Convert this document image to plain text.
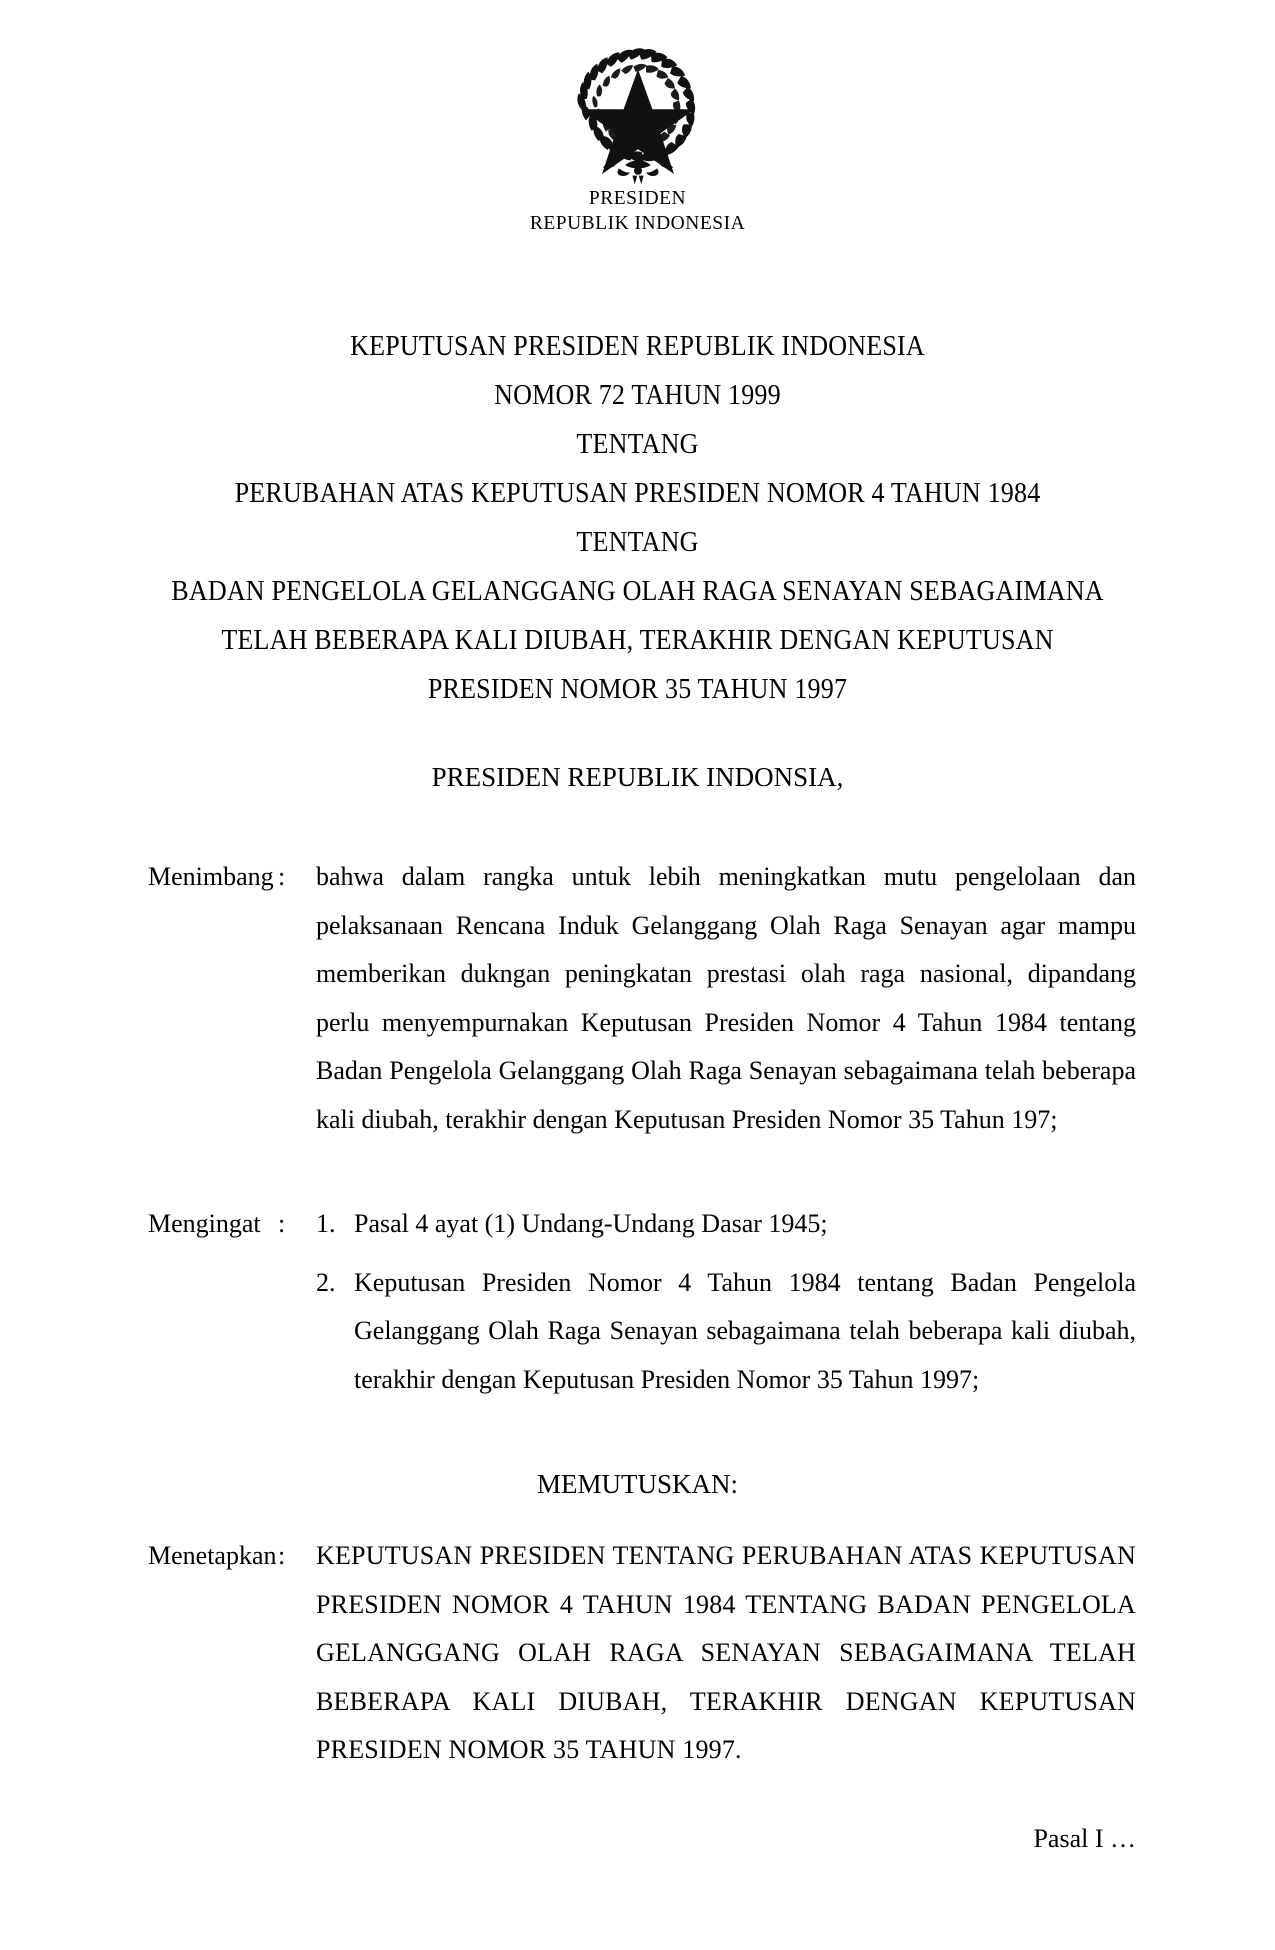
PRESIDEN
REPUBLIK INDONESIA
KEPUTUSAN PRESIDEN REPUBLIK INDONESIA
NOMOR 72 TAHUN 1999
TENTANG
PERUBAHAN ATAS KEPUTUSAN PRESIDEN NOMOR 4 TAHUN 1984
TENTANG
BADAN PENGELOLA GELANGGANG OLAH RAGA SENAYAN SEBAGAIMANA
TELAH BEBERAPA KALI DIUBAH, TERAKHIR DENGAN KEPUTUSAN
PRESIDEN NOMOR 35 TAHUN 1997
PRESIDEN REPUBLIK INDONSIA,
Menimbang :	bahwa dalam rangka untuk lebih meningkatkan mutu pengelolaan dan pelaksanaan Rencana Induk Gelanggang Olah Raga Senayan agar mampu memberikan dukngan peningkatan prestasi olah raga nasional, dipandang perlu menyempurnakan Keputusan Presiden Nomor 4 Tahun 1984 tentang Badan Pengelola Gelanggang Olah Raga Senayan sebagaimana telah beberapa kali diubah, terakhir dengan Keputusan Presiden Nomor 35 Tahun 197;
Mengingat :	1. Pasal 4 ayat (1) Undang-Undang Dasar 1945;
2. Keputusan Presiden Nomor 4 Tahun 1984 tentang Badan Pengelola Gelanggang Olah Raga Senayan sebagaimana telah beberapa kali diubah, terakhir dengan Keputusan Presiden Nomor 35 Tahun 1997;
MEMUTUSKAN:
Menetapkan :	KEPUTUSAN PRESIDEN TENTANG PERUBAHAN ATAS KEPUTUSAN PRESIDEN NOMOR 4 TAHUN 1984 TENTANG BADAN PENGELOLA GELANGGANG OLAH RAGA SENAYAN SEBAGAIMANA TELAH BEBERAPA KALI DIUBAH, TERAKHIR DENGAN KEPUTUSAN PRESIDEN NOMOR 35 TAHUN 1997.
Pasal I …
